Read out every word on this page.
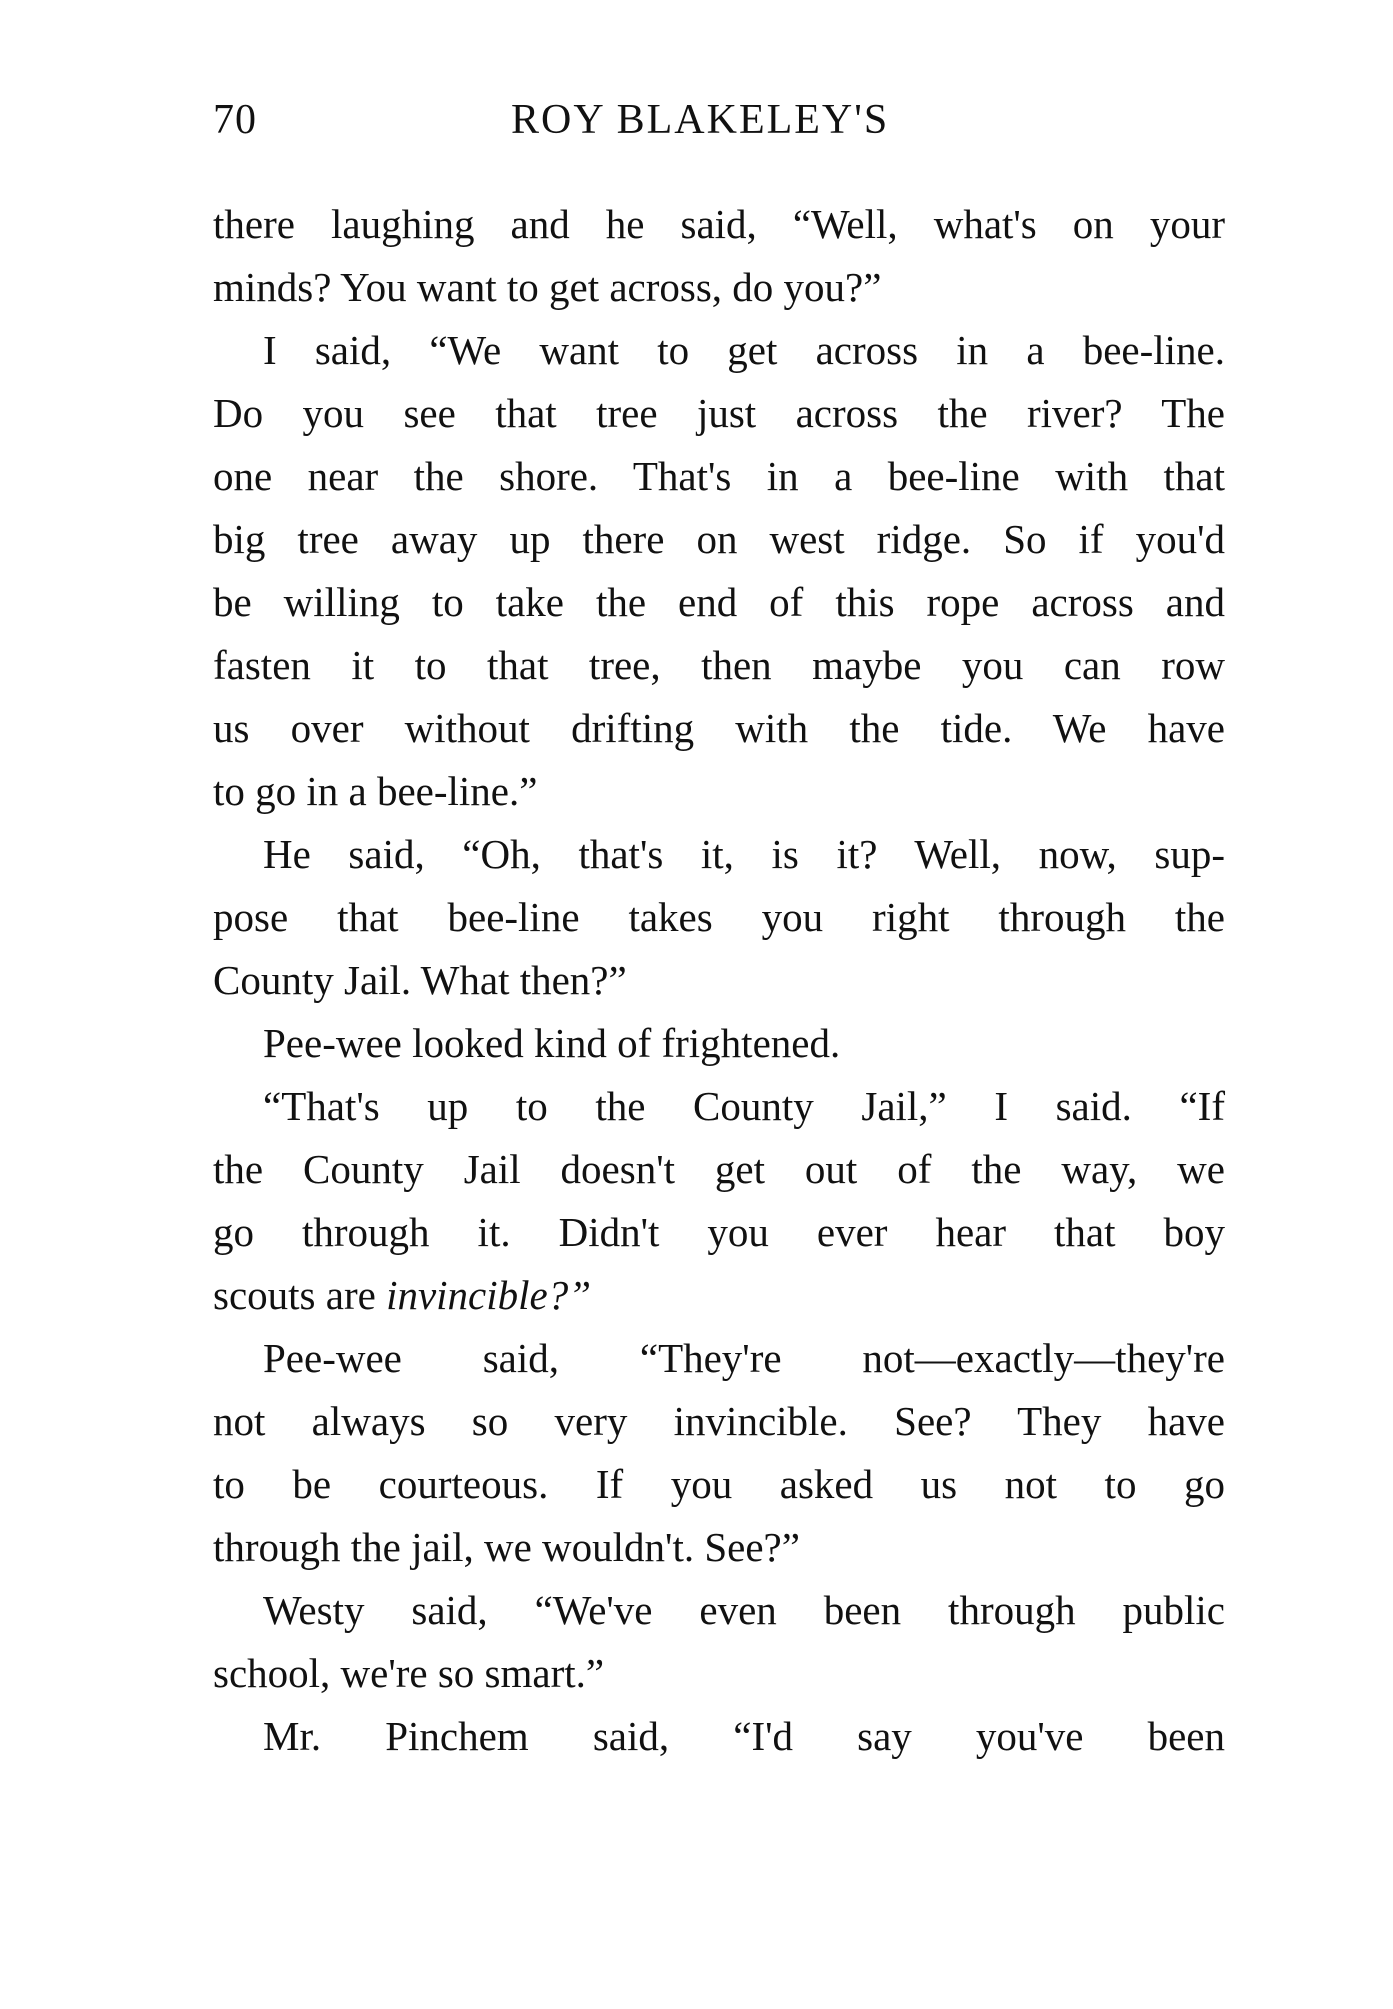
70	ROY BLAKELEY'S
there laughing and he said, “Well, what's on your
minds? You want to get across, do you?”
I said, “We want to get across in a bee-line.
Do you see that tree just across the river? The
one near the shore. That's in a bee-line with that
big tree away up there on west ridge. So if you'd
be willing to take the end of this rope across and
fasten it to that tree, then maybe you can row
us over without drifting with the tide. We have
to go in a bee-line.”
He said, “Oh, that's it, is it? Well, now, sup-
pose that bee-line takes you right through the
County Jail. What then?”
Pee-wee looked kind of frightened.
“That's up to the County Jail,” I said. “If
the County Jail doesn't get out of the way, we
go through it. Didn't you ever hear that boy
scouts are invincible?”
Pee-wee said, “They're not—exactly—they're
not always so very invincible. See? They have
to be courteous. If you asked us not to go
through the jail, we wouldn't. See?”
Westy said, “We've even been through public
school, we're so smart.”
Mr. Pinchem said, “I'd say you've been
